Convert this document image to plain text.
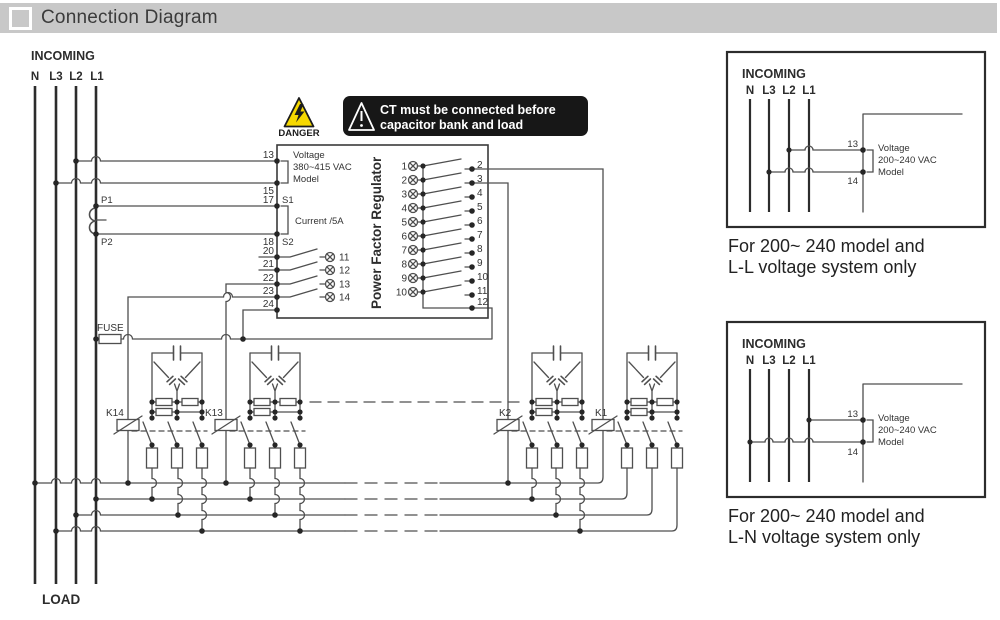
Connection Diagram
INCOMING
N L3 L2 L1
LOAD
P1
P2
FUSE
DANGER
CT must be connected before
capacitor bank and load
Power Factor Regulator
Voltage
380~415 VAC
Model
Current /5A
S1
S2
13
15
17
18
20
21
22
23
24
11
12
13
14
1
2
3
4
5
6
7
8
9
10
2
3
4
5
6
7
8
9
10
11
12
K14	K13	K2	K1
INCOMING
N L3 L2 L1
13
14
Voltage
200~240 VAC
Model
For 200~ 240 model and
L-L voltage system only
INCOMING
N L3 L2 L1
13
14
Voltage
200~240 VAC
Model
For 200~ 240 model and
L-N voltage system only
